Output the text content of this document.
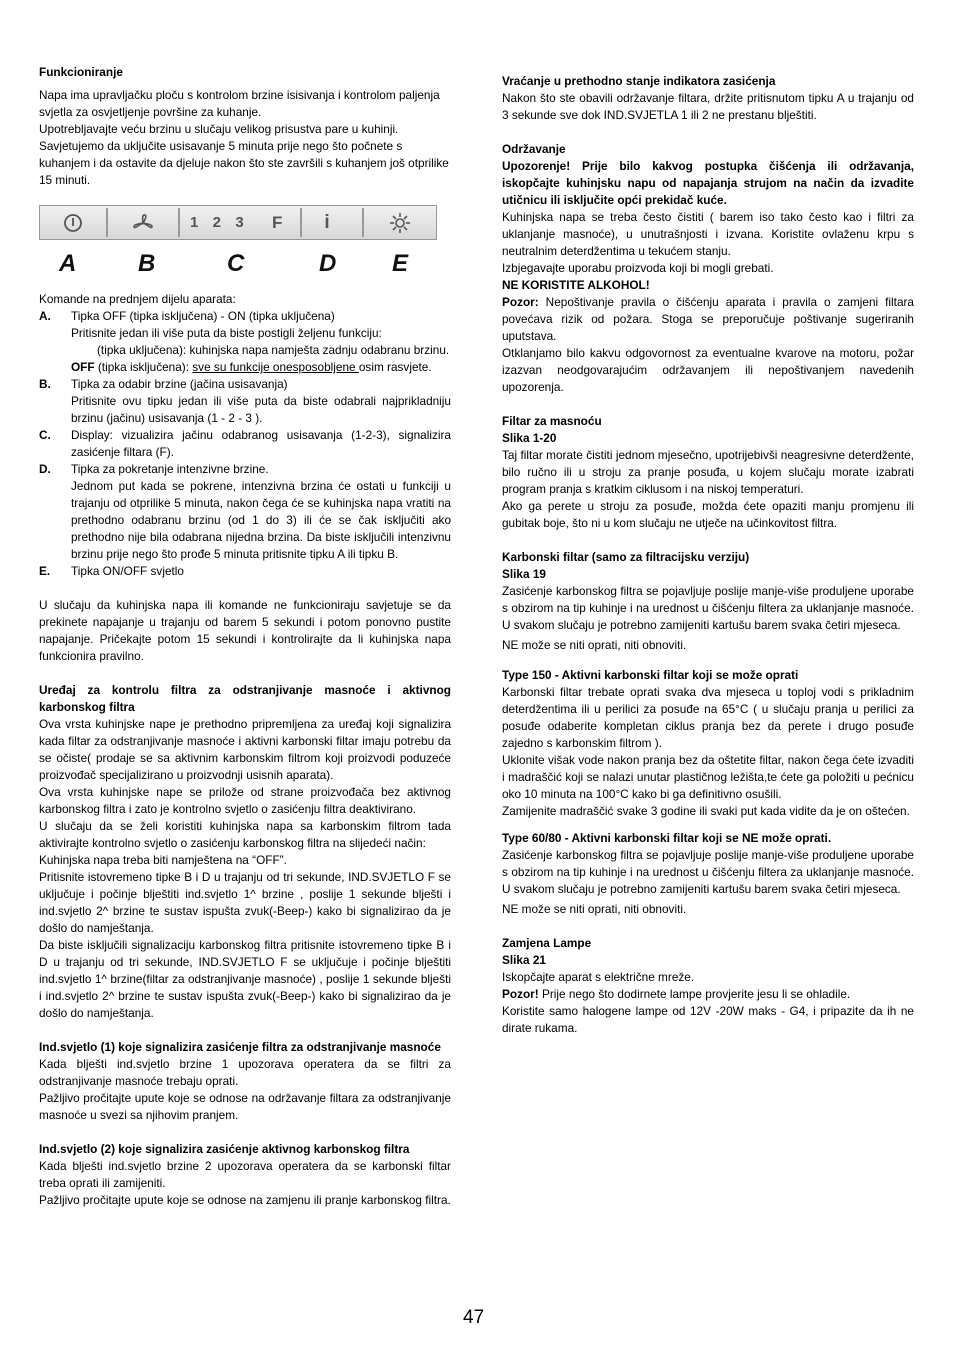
Funkcioniranje

Napa ima upravljačku ploču s kontrolom brzine isisivanja i kontrolom paljenja svjetla za osvjetljenje površine za kuhanje.

Upotrebljavajte veću brzinu u slučaju velikog prisustva pare u kuhinji.

Savjetujemo da uključite usisavanje 5 minuta prije nego što počnete s kuhanjem i da ostavite da djeluje nakon što ste završili s kuhanjem još otprilike 15 minuti.

1  2  3 F i
A	B	C	D E

Komande na prednjem dijelu aparata:

A. Tipka OFF (tipka isključena) - ON (tipka uključena)

Pritisnite jedan ili više puta da biste postigli željenu funkciju:

(tipka uključena): kuhinjska napa namješta zadnju odabranu brzinu.

OFF (tipka isključena): sve su funkcije onesposobljene osim rasvjete.

B. Tipka za odabir brzine (jačina usisavanja)

Pritisnite ovu tipku jedan ili više puta da biste odabrali najprikladniju brzinu (jačinu) usisavanja (1 - 2 - 3 ).

C. Display: vizualizira jačinu odabranog usisavanja (1-2-3), signalizira zasićenje filtara (F).

D. Tipka za pokretanje intenzivne brzine.

Jednom put kada se pokrene, intenzivna brzina će ostati u funkciji u trajanju od otprilike 5 minuta, nakon čega će se kuhinjska napa vratiti na prethodno odabranu brzinu (od 1 do 3) ili će se čak isključiti ako prethodno nije bila odabrana nijedna brzina. Da biste isključili intenzivnu brzinu prije nego što prođe 5 minuta pritisnite tipku A ili tipku B.

E. Tipka ON/OFF svjetlo

U slučaju da kuhinjska napa ili komande ne funkcioniraju savjetuje se da prekinete napajanje u trajanju od barem 5 sekundi i potom ponovno pustite napajanje. Pričekajte potom 15 sekundi i kontrolirajte da li kuhinjska napa funkcionira pravilno.

Uređaj za kontrolu filtra za odstranjivanje masnoće i aktivnog karbonskog filtra

Ova vrsta kuhinjske nape je prethodno pripremljena za uređaj koji signalizira kada filtar za odstranjivanje masnoće i aktivni karbonski filtar imaju potrebu da se očiste( prodaje se sa aktivnim karbonskim filtrom koji proizvodi poduzeće proizvođač specijalizirano u proizvodnji usisnih aparata).

Ova vrsta kuhinjske nape se priložе od strane proizvođača bez aktivnog karbonskog filtra i zato je kontrolno svjetlo o zasićenju filtra deaktivirano.

U slučaju da se želi koristiti kuhinjska napa sa karbonskim filtrom tada aktivirajte kontrolno svjetlo o zasićenju karbonskog filtra na slijedeći način:

Kuhinjska napa treba biti namještena na “OFF”.

Pritisnite istovremeno tipke B i D u trajanju od tri sekunde, IND.SVJETLO F se uključuje i počinje blještiti ind.svjetlo 1^ brzine , poslije 1 sekunde blješti i ind.svjetlo 2^ brzine te sustav ispušta zvuk(-Beep-) kako bi signalizirao da je došlo do namještanja.

Da biste isključili signalizaciju karbonskog filtra pritisnite istovremeno tipke B i D u trajanju od tri sekunde, IND.SVJETLO F se uključuje i počinje blještiti ind.svjetlo 1^ brzine(filtar za odstranjivanje masnoće) , poslije 1 sekunde blješti i ind.svjetlo 2^ brzine te sustav ispušta zvuk(-Beep-) kako bi signalizirao da je došlo do namještanja.

Ind.svjetlo (1) koje signalizira zasićenje filtra za odstranjivanje masnoće

Kada blješti ind.svjetlo brzine 1 upozorava operatera da se filtri za odstranjivanje masnoće trebaju oprati.

Pažljivo pročitajte upute koje se odnose na održavanje filtara za odstranjivanje masnoće u svezi sa njihovim pranjem.

Ind.svjetlo (2) koje signalizira zasićenje aktivnog karbonskog filtra

Kada blješti ind.svjetlo brzine 2 upozorava operatera da se karbonski filtar treba oprati ili zamijeniti.

Pažljivo pročitajte upute koje se odnose na zamjenu ili pranje karbonskog filtra.

Vraćanje u prethodno stanje indikatora zasićenja

Nakon što ste obavili održavanje filtara, držite pritisnutom tipku A u trajanju od 3 sekunde sve dok IND.SVJETLA 1 ili 2 ne prestanu blještiti.

Održavanje

Upozorenje! Prije bilo kakvog postupka čišćenja ili održavanja, iskopčajte kuhinjsku napu od napajanja strujom na način da izvadite utičnicu ili isključite opći prekidač kuće.

Kuhinjska napa se treba često čistiti ( barem iso tako često kao i filtri za uklanjanje masnoće), u unutrašnjosti i izvana. Koristite ovlaženu krpu s neutralnim deterdžentima u tekućem stanju.

Izbjegavajte uporabu proizvoda koji bi mogli grebati.

NE KORISTITE ALKOHOL!

Pozor: Nepoštivanje pravila o čišćenju aparata i pravila o zamjeni filtara povećava rizik od požara. Stoga se preporučuje poštivanje sugeriranih uputstava.

Otklanjamo bilo kakvu odgovornost za eventualne kvarove na motoru, požar izazvan neodgovarajućim održavanjem ili nepoštivanjem navedenih upozorenja.

Filtar za masnoću

Slika 1-20

Taj filtar morate čistiti jednom mjesečno, upotrijebivši neagresivne deterdžente, bilo ručno ili u stroju za pranje posuđa, u kojem slučaju morate izabrati program pranja s kratkim ciklusom i na niskoj temperaturi.

Ako ga perete u stroju za posuđe, možda ćete opaziti manju promjenu ili gubitak boje, što ni u kom slučaju ne utječe na učinkovitost filtra.

Karbonski filtar (samo za filtracijsku verziju)

Slika 19

Zasićenje karbonskog filtra se pojavljuje poslije manje-više produljene uporabe s obzirom na tip kuhinje i na urednost u čišćenju filtera za uklanjanje masnoće. U svakom slučaju je potrebno zamijeniti kartušu barem svaka četiri mjeseca.

NE može se niti oprati, niti obnoviti.

Type 150 - Aktivni karbonski filtar koji se može oprati

Karbonski filtar trebate oprati svaka dva mjeseca u toploj vodi s prikladnim deterdžentima ili u perilici za posuđe na 65°C ( u slučaju pranja u perilici za posuđe odaberite kompletan ciklus pranja bez da perete i drugo posuđe zajedno s karbonskim filtrom ).

Uklonite višak vode nakon pranja bez da oštetite filtar, nakon čega ćete izvaditi i madraščić koji se nalazi unutar plastičnog ležišta,te ćete ga položiti u pećnicu oko 10 minuta na 100°C kako bi ga definitivno osušili.

Zamijenite madraščić svake 3 godine ili svaki put kada vidite da je on oštećen.

Type 60/80 - Aktivni karbonski filtar koji se NE može oprati.

Zasićenje karbonskog filtra se pojavljuje poslije manje-više produljene uporabe s obzirom na tip kuhinje i na urednost u čišćenju filtera za uklanjanje masnoće. U svakom slučaju je potrebno zamijeniti kartušu barem svaka četiri mjeseca.

NE može se niti oprati, niti obnoviti.

Zamjena Lampe

Slika 21

Iskopčajte aparat s električne mreže.

Pozor! Prije nego što dodirnete lampe provjerite jesu li se ohladile.

Koristite samo halogene lampe od 12V -20W maks - G4, i pripazite da ih ne dirate rukama.

47
